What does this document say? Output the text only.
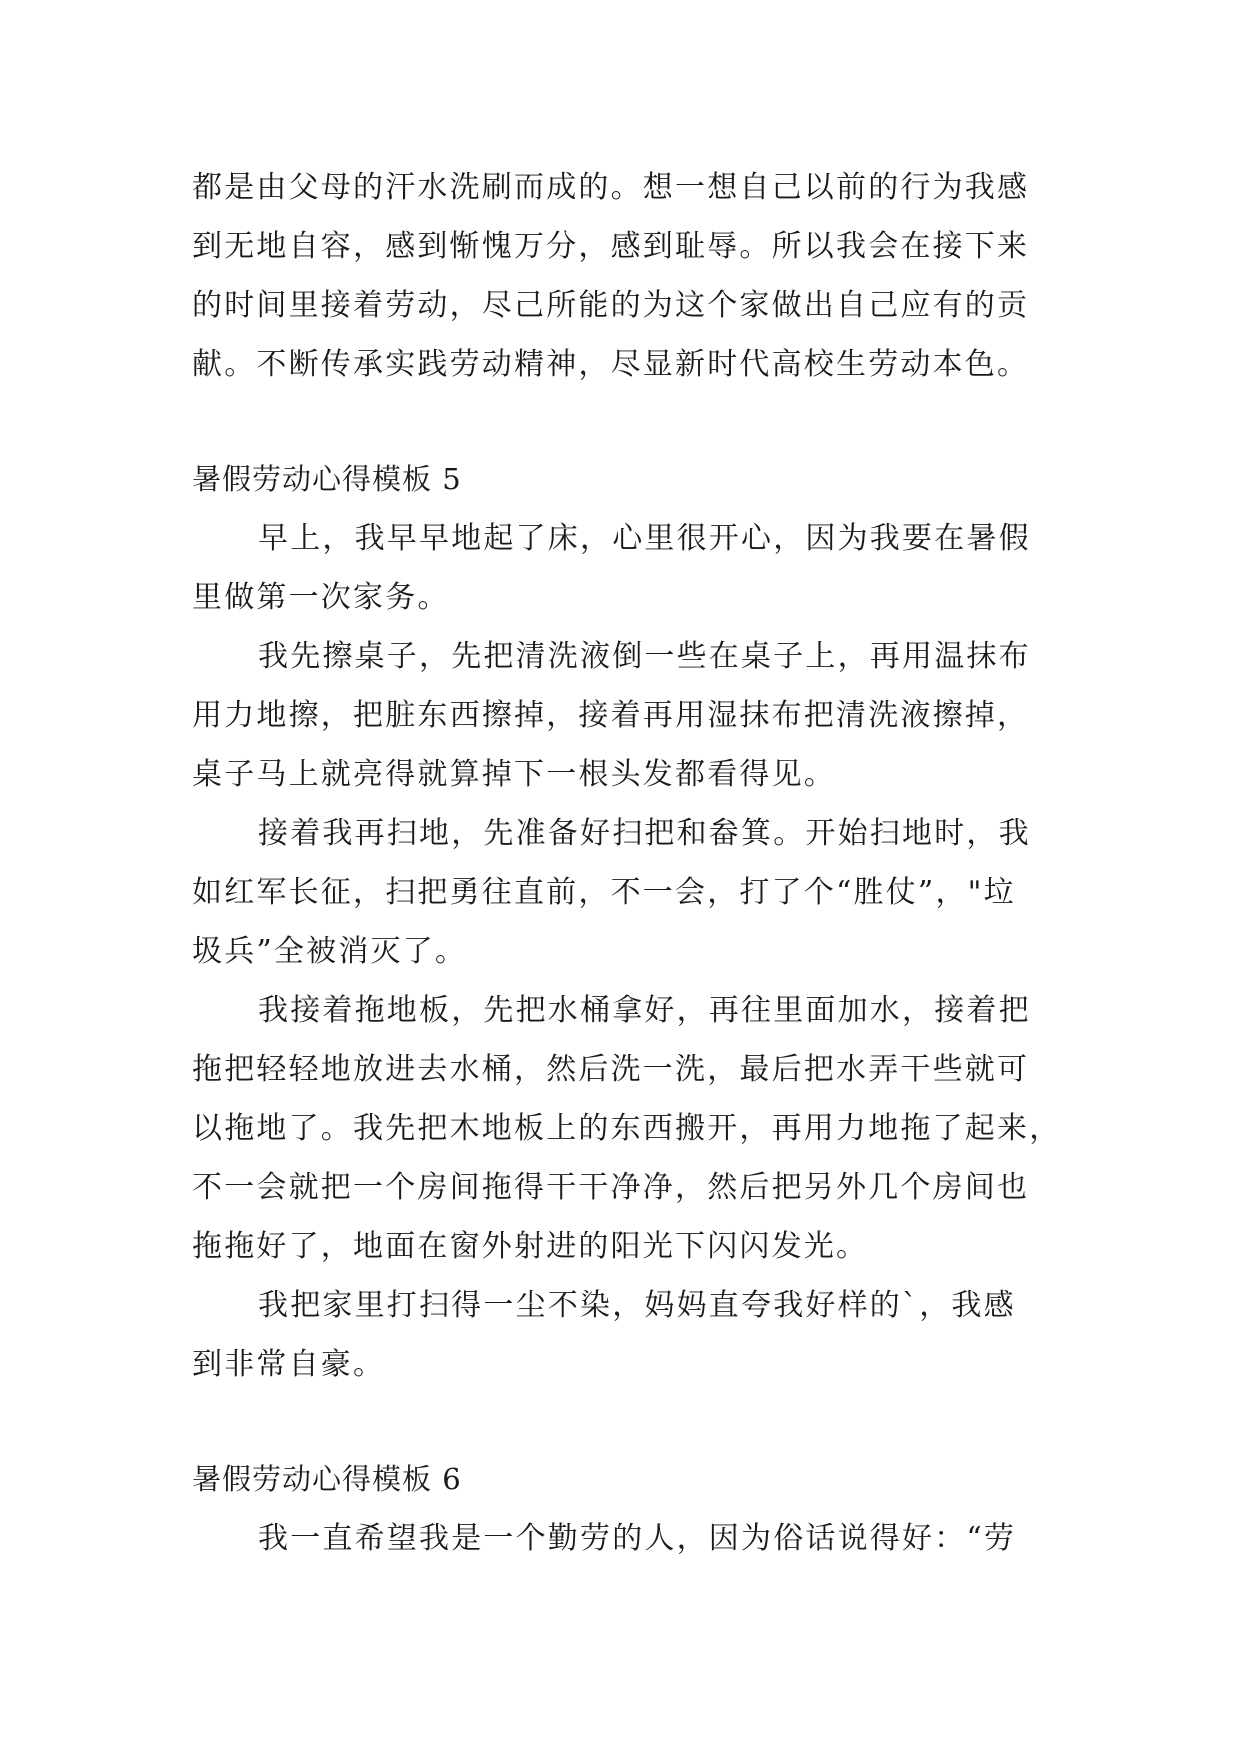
都是由父母的汗水洗刷而成的。想一想自己以前的行为我感
到无地自容，感到惭愧万分，感到耻辱。所以我会在接下来
的时间里接着劳动，尽己所能的为这个家做出自己应有的贡
献。不断传承实践劳动精神，尽显新时代高校生劳动本色。
暑假劳动心得模板 5
早上，我早早地起了床，心里很开心，因为我要在暑假
里做第一次家务。
我先擦桌子，先把清洗液倒一些在桌子上，再用温抹布
用力地擦，把脏东西擦掉，接着再用湿抹布把清洗液擦掉，
桌子马上就亮得就算掉下一根头发都看得见。
接着我再扫地，先准备好扫把和畚箕。开始扫地时，我
如红军长征，扫把勇往直前，不一会，打了个“胜仗”，"垃
圾兵”全被消灭了。
我接着拖地板，先把水桶拿好，再往里面加水，接着把
拖把轻轻地放进去水桶，然后洗一洗，最后把水弄干些就可
以拖地了。我先把木地板上的东西搬开，再用力地拖了起来，
不一会就把一个房间拖得干干净净，然后把另外几个房间也
拖拖好了，地面在窗外射进的阳光下闪闪发光。
我把家里打扫得一尘不染，妈妈直夸我好样的`，我感
到非常自豪。
暑假劳动心得模板 6
我一直希望我是一个勤劳的人，因为俗话说得好：“劳
